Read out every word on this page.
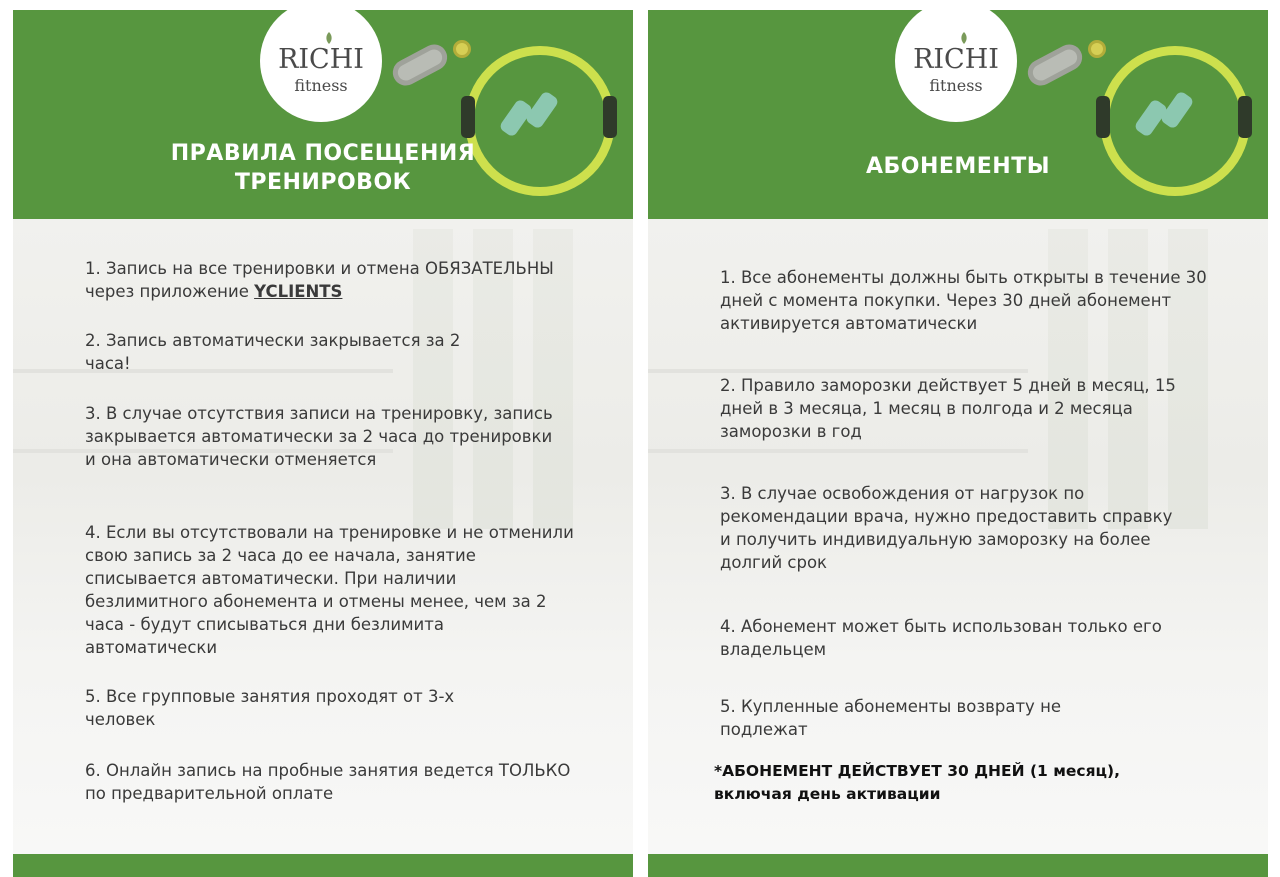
RICHI
fitness
ПРАВИЛА ПОСЕЩЕНИЯ
ТРЕНИРОВОК
1. Запись на все тренировки и отмена ОБЯЗАТЕЛЬНЫ через приложение YCLIENTS
2. Запись автоматически закрывается за 2 часа!
3. В случае отсутствия записи на тренировку, запись закрывается автоматически за 2 часа до тренировки и она автоматически отменяется
4. Если вы отсутствовали на тренировке и не отменили свою запись за 2 часа до ее начала, занятие списывается автоматически. При наличии безлимитного абонемента и отмены менее, чем за 2 часа - будут списываться дни безлимита автоматически
5. Все групповые занятия проходят от 3-х человек
6. Онлайн запись на пробные занятия ведется ТОЛЬКО по предварительной оплате
RICHI
fitness
АБОНЕМЕНТЫ
1. Все абонементы должны быть открыты в течение 30 дней с момента покупки. Через 30 дней абонемент активируется автоматически
2. Правило заморозки действует 5 дней в месяц, 15 дней в 3 месяца, 1 месяц в полгода и 2 месяца заморозки в год
3. В случае освобождения от нагрузок по рекомендации врача, нужно предоставить справку и получить индивидуальную заморозку на более долгий срок
4. Абонемент может быть использован только его владельцем
5. Купленные абонементы возврату не подлежат
*АБОНЕМЕНТ ДЕЙСТВУЕТ 30 ДНЕЙ (1 месяц),
включая день активации
